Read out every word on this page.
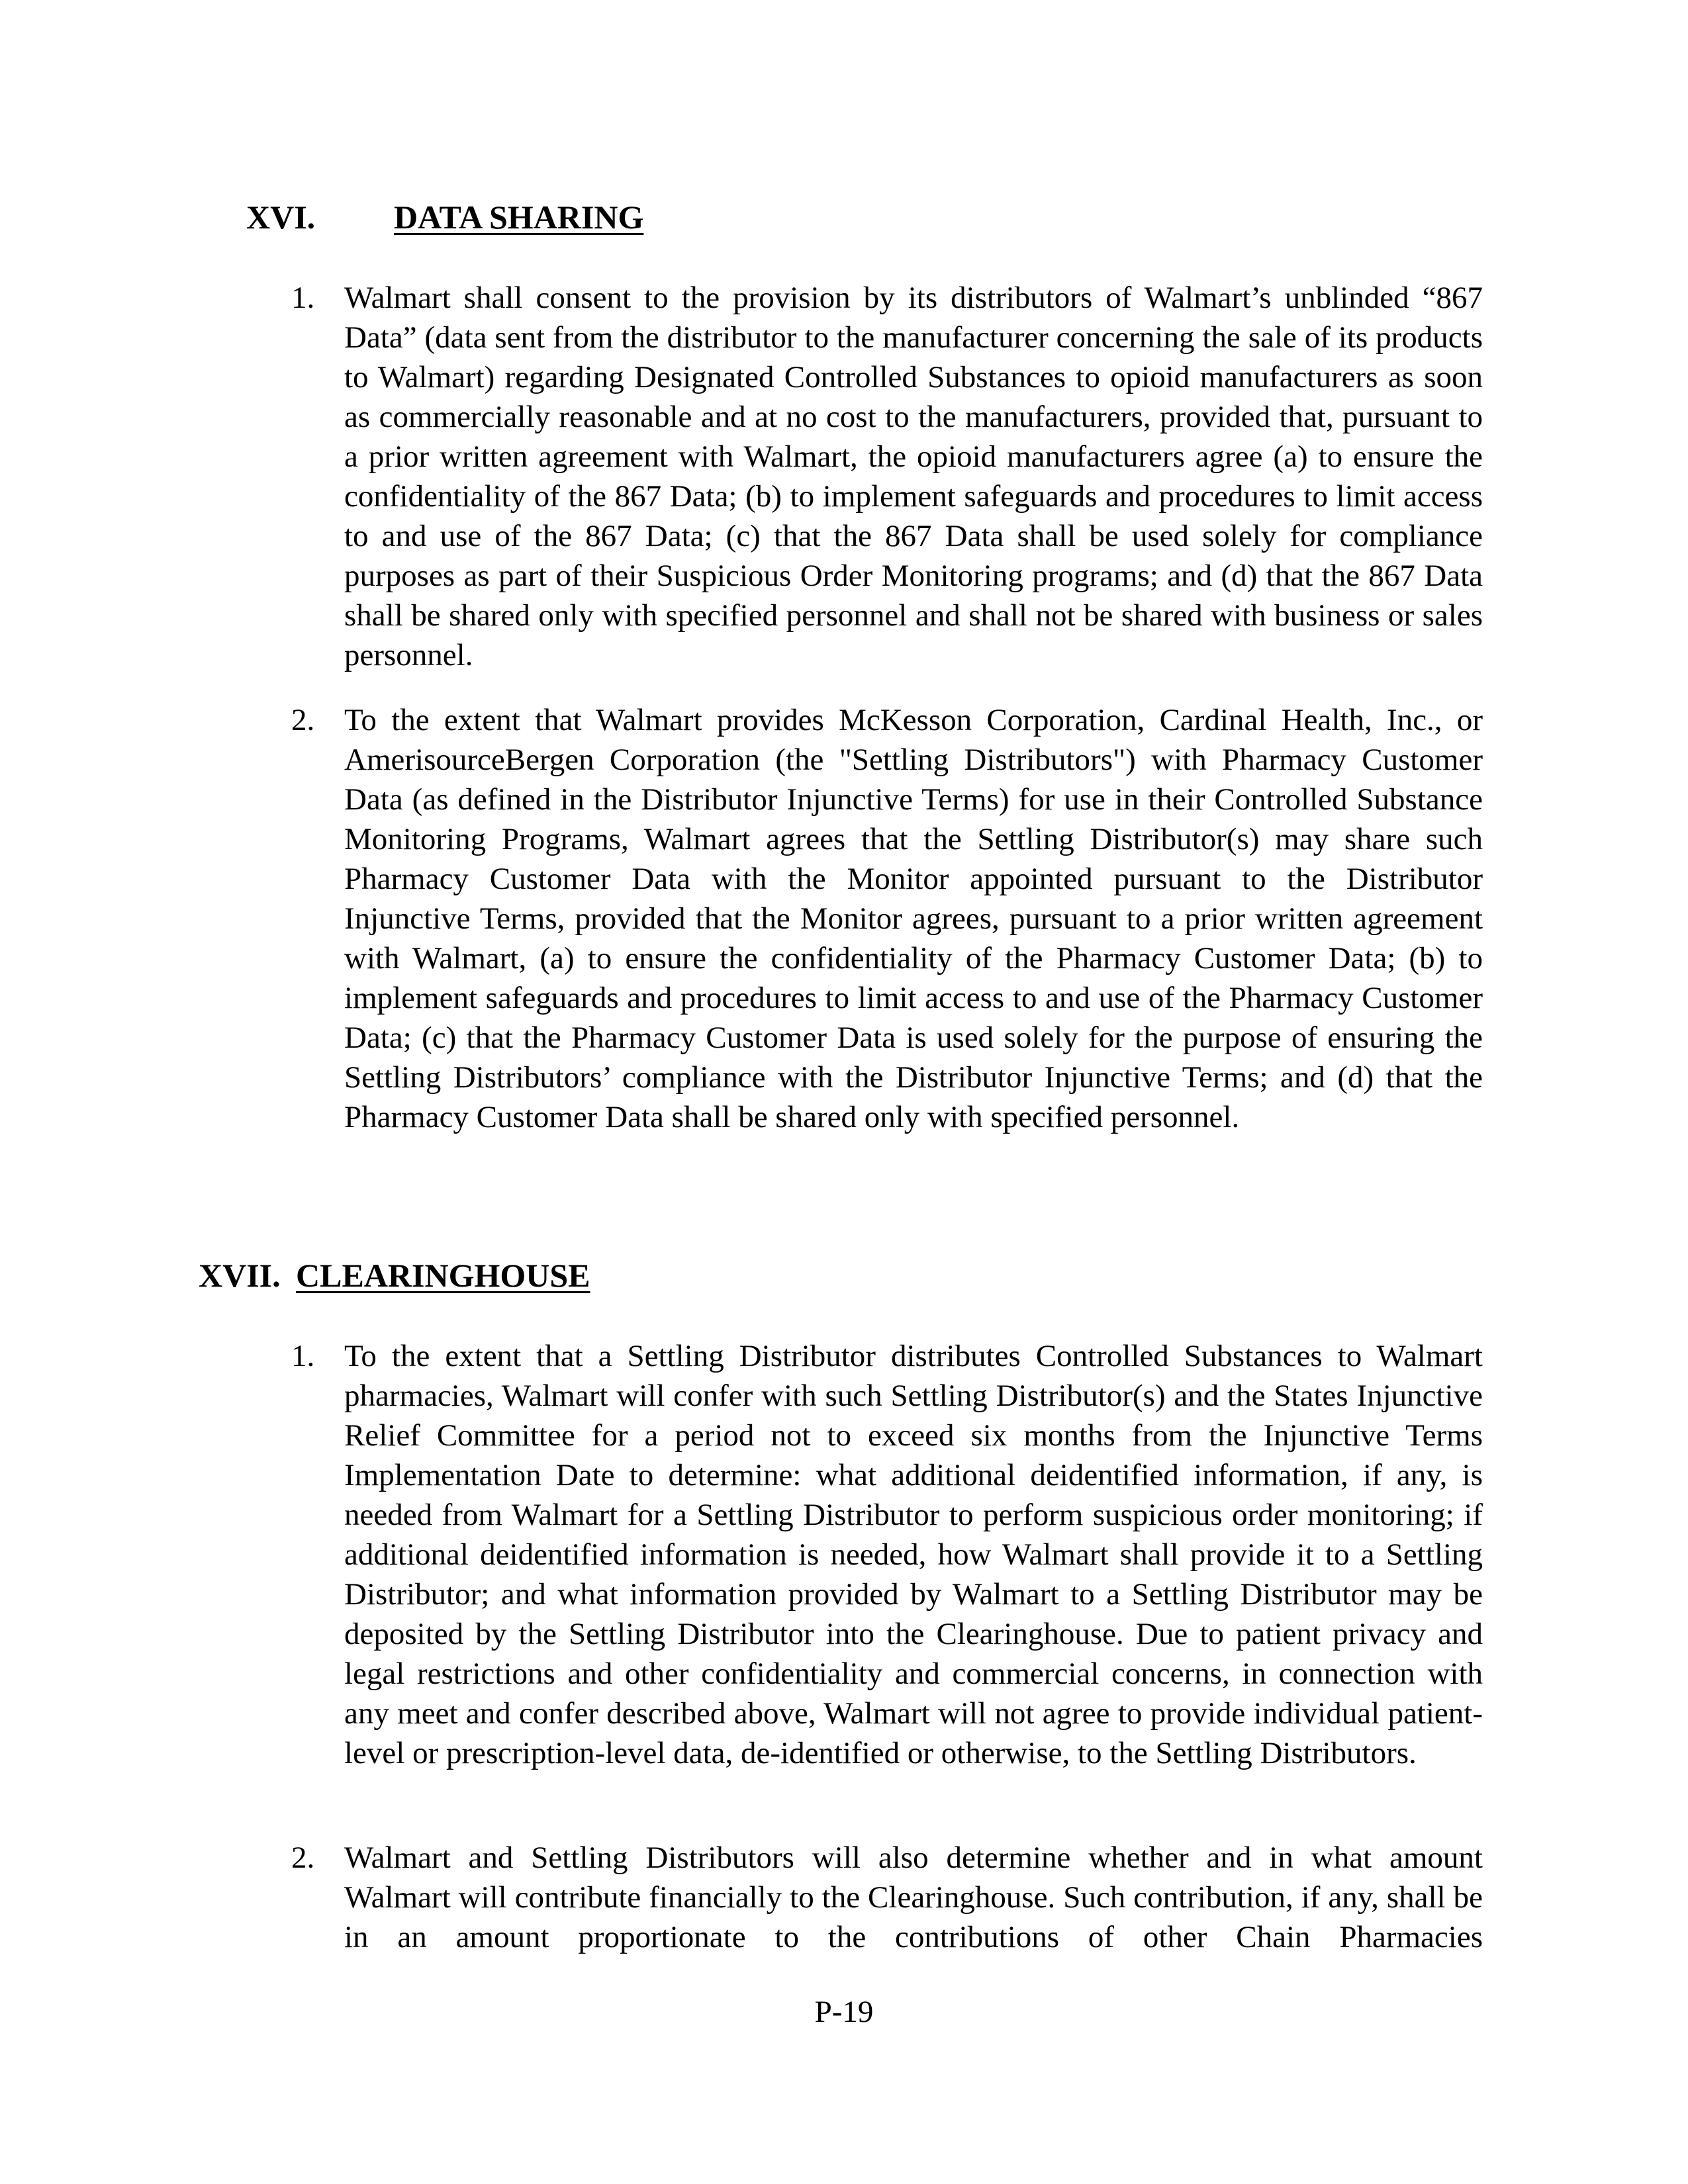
XVI. DATA SHARING
1. Walmart shall consent to the provision by its distributors of Walmart’s unblinded “867 Data” (data sent from the distributor to the manufacturer concerning the sale of its products to Walmart) regarding Designated Controlled Substances to opioid manufacturers as soon as commercially reasonable and at no cost to the manufacturers, provided that, pursuant to a prior written agreement with Walmart, the opioid manufacturers agree (a) to ensure the confidentiality of the 867 Data; (b) to implement safeguards and procedures to limit access to and use of the 867 Data; (c) that the 867 Data shall be used solely for compliance purposes as part of their Suspicious Order Monitoring programs; and (d) that the 867 Data shall be shared only with specified personnel and shall not be shared with business or sales personnel.

2. To the extent that Walmart provides McKesson Corporation, Cardinal Health, Inc., or AmerisourceBergen Corporation (the "Settling Distributors") with Pharmacy Customer Data (as defined in the Distributor Injunctive Terms) for use in their Controlled Substance Monitoring Programs, Walmart agrees that the Settling Distributor(s) may share such Pharmacy Customer Data with the Monitor appointed pursuant to the Distributor Injunctive Terms, provided that the Monitor agrees, pursuant to a prior written agreement with Walmart, (a) to ensure the confidentiality of the Pharmacy Customer Data; (b) to implement safeguards and procedures to limit access to and use of the Pharmacy Customer Data; (c) that the Pharmacy Customer Data is used solely for the purpose of ensuring the Settling Distributors’ compliance with the Distributor Injunctive Terms; and (d) that the Pharmacy Customer Data shall be shared only with specified personnel.

XVII. CLEARINGHOUSE
1. To the extent that a Settling Distributor distributes Controlled Substances to Walmart pharmacies, Walmart will confer with such Settling Distributor(s) and the States Injunctive Relief Committee for a period not to exceed six months from the Injunctive Terms Implementation Date to determine: what additional deidentified information, if any, is needed from Walmart for a Settling Distributor to perform suspicious order monitoring; if additional deidentified information is needed, how Walmart shall provide it to a Settling Distributor; and what information provided by Walmart to a Settling Distributor may be deposited by the Settling Distributor into the Clearinghouse. Due to patient privacy and legal restrictions and other confidentiality and commercial concerns, in connection with any meet and confer described above, Walmart will not agree to provide individual patient-level or prescription-level data, de-identified or otherwise, to the Settling Distributors.

2. Walmart and Settling Distributors will also determine whether and in what amount Walmart will contribute financially to the Clearinghouse. Such contribution, if any, shall be in an amount proportionate to the contributions of other Chain Pharmacies

P-19
